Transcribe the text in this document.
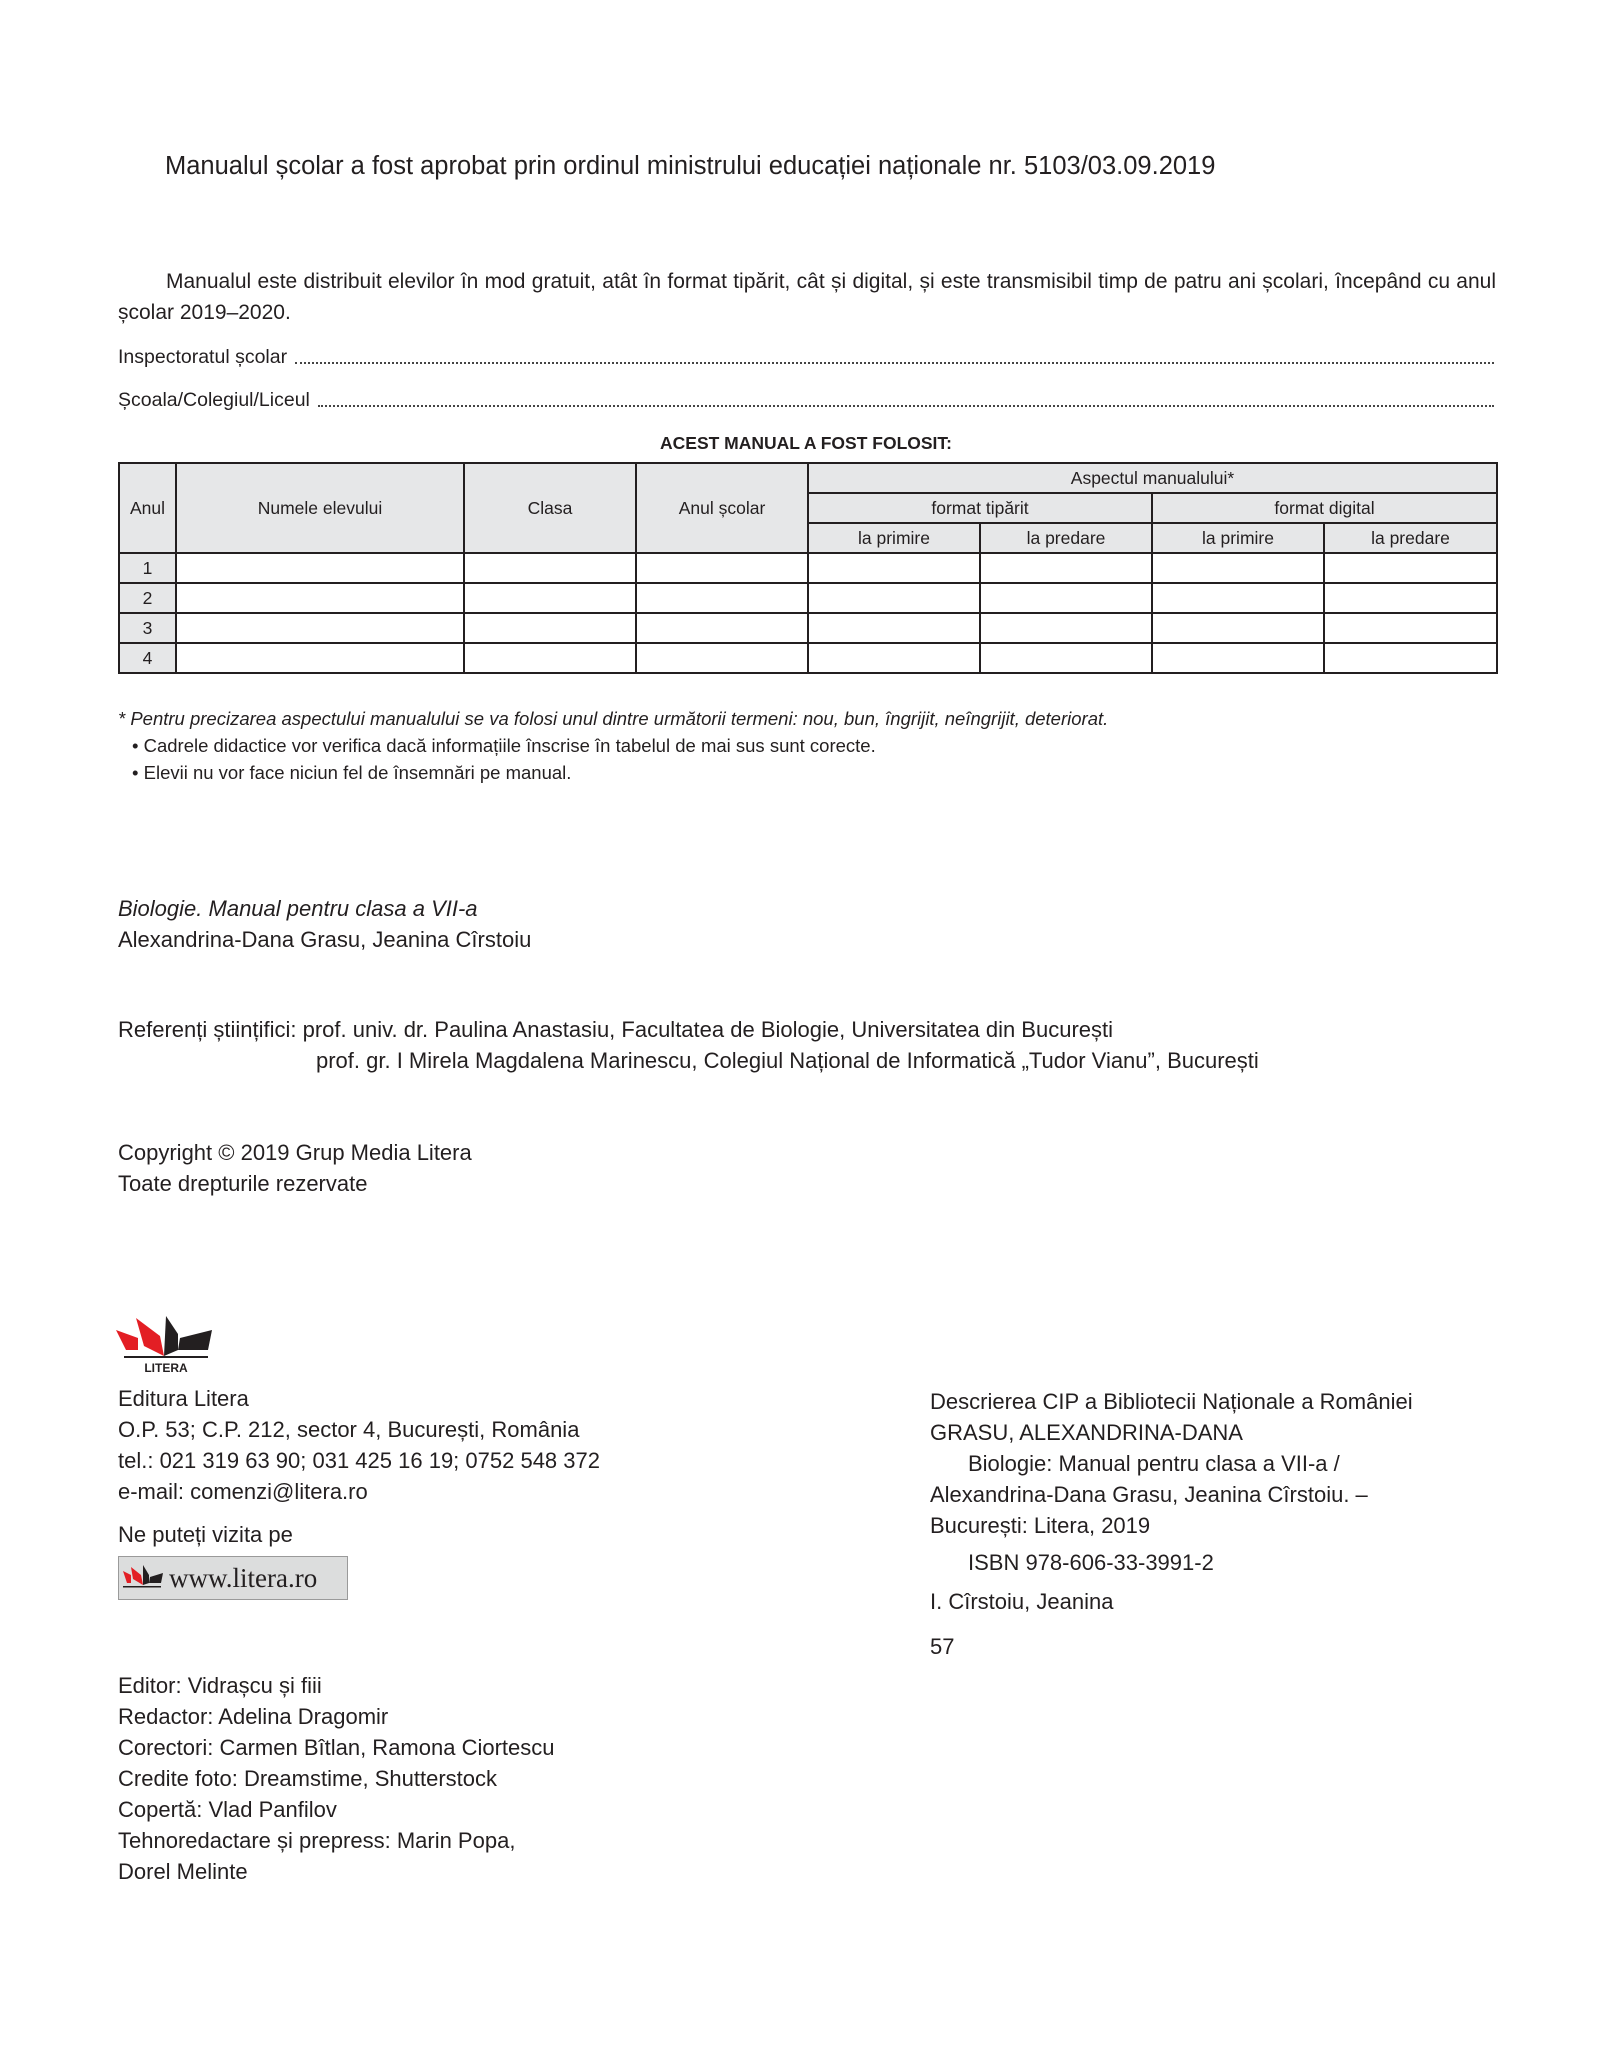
Manualul școlar a fost aprobat prin ordinul ministrului educației naționale nr. 5103/03.09.2019
Manualul este distribuit elevilor în mod gratuit, atât în format tipărit, cât și digital, și este transmisibil timp de patru ani școlari, începând cu anul școlar 2019–2020.
Inspectoratul școlar
Școala/Colegiul/Liceul
ACEST MANUAL A FOST FOLOSIT:
Anul	Numele elevului	Clasa	Anul școlar	Aspectul manualului*			
				format tipărit		format digital	
				la primire	la predare	la primire	la predare
1							
2							
3							
4							
* Pentru precizarea aspectului manualului se va folosi unul dintre următorii termeni: nou, bun, îngrijit, neîngrijit, deteriorat.
• Cadrele didactice vor verifica dacă informațiile înscrise în tabelul de mai sus sunt corecte.
• Elevii nu vor face niciun fel de însemnări pe manual.
Biologie. Manual pentru clasa a VII-a
Alexandrina-Dana Grasu, Jeanina Cîrstoiu
Referenți științifici: prof. univ. dr. Paulina Anastasiu, Facultatea de Biologie, Universitatea din București
prof. gr. I Mirela Magdalena Marinescu, Colegiul Național de Informatică „Tudor Vianu”, București
Copyright © 2019 Grup Media Litera
Toate drepturile rezervate
LITERA
Editura Litera
O.P. 53; C.P. 212, sector 4, București, România
tel.: 021 319 63 90; 031 425 16 19; 0752 548 372
e-mail: comenzi@litera.ro
Ne puteți vizita pe
www.litera.ro
Descrierea CIP a Bibliotecii Naționale a României
GRASU, ALEXANDRINA-DANA
Biologie: Manual pentru clasa a VII-a /
Alexandrina-Dana Grasu, Jeanina Cîrstoiu. –
București: Litera, 2019
ISBN 978-606-33-3991-2
I. Cîrstoiu, Jeanina
57
Editor: Vidrașcu și fiii
Redactor: Adelina Dragomir
Corectori: Carmen Bîtlan, Ramona Ciortescu
Credite foto: Dreamstime, Shutterstock
Copertă: Vlad Panfilov
Tehnoredactare și prepress: Marin Popa,
Dorel Melinte
